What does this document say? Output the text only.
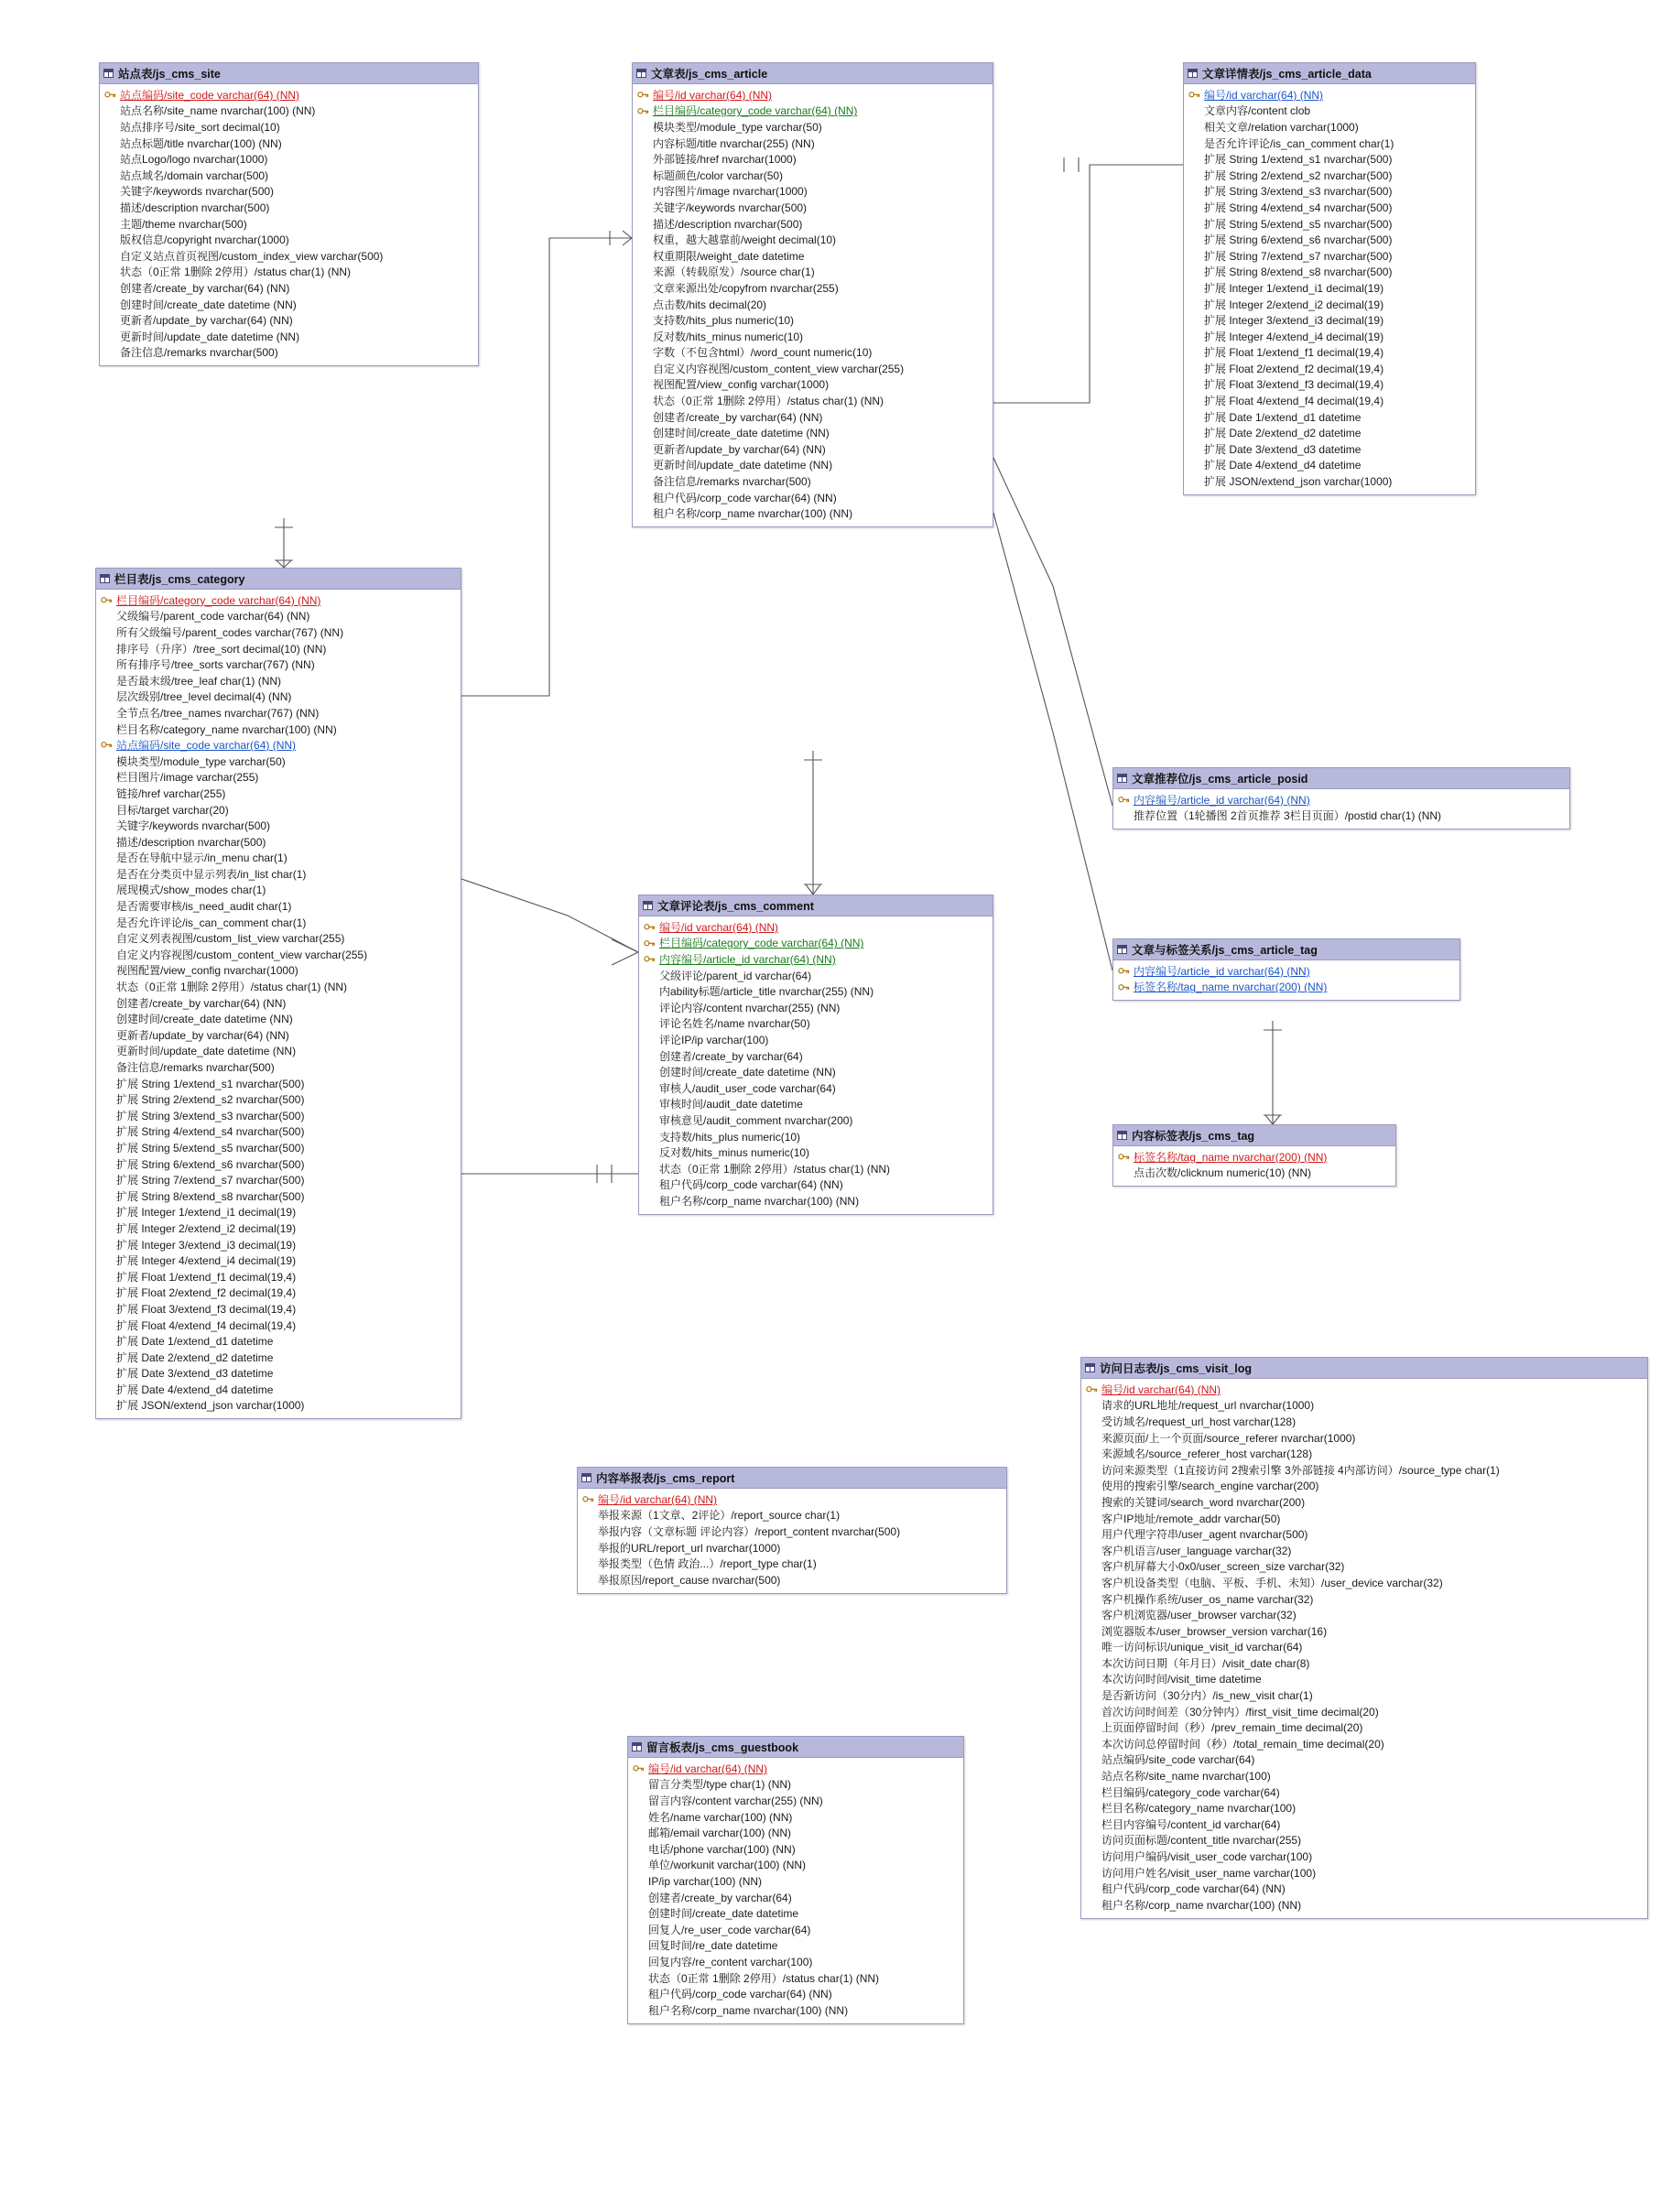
站点表/js_cms_site
站点编码/site_code varchar(64) (NN)
站点名称/site_name nvarchar(100) (NN)
站点排序号/site_sort decimal(10)
站点标题/title nvarchar(100) (NN)
站点Logo/logo nvarchar(1000)
站点域名/domain varchar(500)
关键字/keywords nvarchar(500)
描述/description nvarchar(500)
主题/theme nvarchar(500)
版权信息/copyright nvarchar(1000)
自定义站点首页视图/custom_index_view varchar(500)
状态（0正常 1删除 2停用）/status char(1) (NN)
创建者/create_by varchar(64) (NN)
创建时间/create_date datetime (NN)
更新者/update_by varchar(64) (NN)
更新时间/update_date datetime (NN)
备注信息/remarks nvarchar(500)
栏目表/js_cms_category
栏目编码/category_code varchar(64) (NN)
父级编号/parent_code varchar(64) (NN)
所有父级编号/parent_codes varchar(767) (NN)
排序号（升序）/tree_sort decimal(10) (NN)
所有排序号/tree_sorts varchar(767) (NN)
是否最末级/tree_leaf char(1) (NN)
层次级别/tree_level decimal(4) (NN)
全节点名/tree_names nvarchar(767) (NN)
栏目名称/category_name nvarchar(100) (NN)
站点编码/site_code varchar(64) (NN)
模块类型/module_type varchar(50)
栏目图片/image varchar(255)
链接/href varchar(255)
目标/target varchar(20)
关键字/keywords nvarchar(500)
描述/description nvarchar(500)
是否在导航中显示/in_menu char(1)
是否在分类页中显示列表/in_list char(1)
展现模式/show_modes char(1)
是否需要审核/is_need_audit char(1)
是否允许评论/is_can_comment char(1)
自定义列表视图/custom_list_view varchar(255)
自定义内容视图/custom_content_view varchar(255)
视图配置/view_config nvarchar(1000)
状态（0正常 1删除 2停用）/status char(1) (NN)
创建者/create_by varchar(64) (NN)
创建时间/create_date datetime (NN)
更新者/update_by varchar(64) (NN)
更新时间/update_date datetime (NN)
备注信息/remarks nvarchar(500)
扩展 String 1/extend_s1 nvarchar(500)
扩展 String 2/extend_s2 nvarchar(500)
扩展 String 3/extend_s3 nvarchar(500)
扩展 String 4/extend_s4 nvarchar(500)
扩展 String 5/extend_s5 nvarchar(500)
扩展 String 6/extend_s6 nvarchar(500)
扩展 String 7/extend_s7 nvarchar(500)
扩展 String 8/extend_s8 nvarchar(500)
扩展 Integer 1/extend_i1 decimal(19)
扩展 Integer 2/extend_i2 decimal(19)
扩展 Integer 3/extend_i3 decimal(19)
扩展 Integer 4/extend_i4 decimal(19)
扩展 Float 1/extend_f1 decimal(19,4)
扩展 Float 2/extend_f2 decimal(19,4)
扩展 Float 3/extend_f3 decimal(19,4)
扩展 Float 4/extend_f4 decimal(19,4)
扩展 Date 1/extend_d1 datetime
扩展 Date 2/extend_d2 datetime
扩展 Date 3/extend_d3 datetime
扩展 Date 4/extend_d4 datetime
扩展 JSON/extend_json varchar(1000)
文章表/js_cms_article
编号/id varchar(64) (NN)
栏目编码/category_code varchar(64) (NN)
模块类型/module_type varchar(50)
内容标题/title nvarchar(255) (NN)
外部链接/href nvarchar(1000)
标题颜色/color varchar(50)
内容图片/image nvarchar(1000)
关键字/keywords nvarchar(500)
描述/description nvarchar(500)
权重，越大越靠前/weight decimal(10)
权重期限/weight_date datetime
来源（转载原发）/source char(1)
文章来源出处/copyfrom nvarchar(255)
点击数/hits decimal(20)
支持数/hits_plus numeric(10)
反对数/hits_minus numeric(10)
字数（不包含html）/word_count numeric(10)
自定义内容视图/custom_content_view varchar(255)
视图配置/view_config varchar(1000)
状态（0正常 1删除 2停用）/status char(1) (NN)
创建者/create_by varchar(64) (NN)
创建时间/create_date datetime (NN)
更新者/update_by varchar(64) (NN)
更新时间/update_date datetime (NN)
备注信息/remarks nvarchar(500)
租户代码/corp_code varchar(64) (NN)
租户名称/corp_name nvarchar(100) (NN)
文章详情表/js_cms_article_data
编号/id varchar(64) (NN)
文章内容/content clob
相关文章/relation varchar(1000)
是否允许评论/is_can_comment char(1)
扩展 String 1/extend_s1 nvarchar(500)
扩展 String 2/extend_s2 nvarchar(500)
扩展 String 3/extend_s3 nvarchar(500)
扩展 String 4/extend_s4 nvarchar(500)
扩展 String 5/extend_s5 nvarchar(500)
扩展 String 6/extend_s6 nvarchar(500)
扩展 String 7/extend_s7 nvarchar(500)
扩展 String 8/extend_s8 nvarchar(500)
扩展 Integer 1/extend_i1 decimal(19)
扩展 Integer 2/extend_i2 decimal(19)
扩展 Integer 3/extend_i3 decimal(19)
扩展 Integer 4/extend_i4 decimal(19)
扩展 Float 1/extend_f1 decimal(19,4)
扩展 Float 2/extend_f2 decimal(19,4)
扩展 Float 3/extend_f3 decimal(19,4)
扩展 Float 4/extend_f4 decimal(19,4)
扩展 Date 1/extend_d1 datetime
扩展 Date 2/extend_d2 datetime
扩展 Date 3/extend_d3 datetime
扩展 Date 4/extend_d4 datetime
扩展 JSON/extend_json varchar(1000)
文章推荐位/js_cms_article_posid
内容编号/article_id varchar(64) (NN)
推荐位置（1轮播图 2首页推荐 3栏目页面）/postid char(1) (NN)
文章与标签关系/js_cms_article_tag
内容编号/article_id varchar(64) (NN)
标签名称/tag_name nvarchar(200) (NN)
内容标签表/js_cms_tag
标签名称/tag_name nvarchar(200) (NN)
点击次数/clicknum numeric(10) (NN)
文章评论表/js_cms_comment
编号/id varchar(64) (NN)
栏目编码/category_code varchar(64) (NN)
内容编号/article_id varchar(64) (NN)
父级评论/parent_id varchar(64)
内ability标题/article_title nvarchar(255) (NN)
评论内容/content nvarchar(255) (NN)
评论名姓名/name nvarchar(50)
评论IP/ip varchar(100)
创建者/create_by varchar(64)
创建时间/create_date datetime (NN)
审核人/audit_user_code varchar(64)
审核时间/audit_date datetime
审核意见/audit_comment nvarchar(200)
支持数/hits_plus numeric(10)
反对数/hits_minus numeric(10)
状态（0正常 1删除 2停用）/status char(1) (NN)
租户代码/corp_code varchar(64) (NN)
租户名称/corp_name nvarchar(100) (NN)
内容举报表/js_cms_report
编号/id varchar(64) (NN)
举报来源（1文章、2评论）/report_source char(1)
举报内容（文章标题 评论内容）/report_content nvarchar(500)
举报的URL/report_url nvarchar(1000)
举报类型（色情 政治...）/report_type char(1)
举报原因/report_cause nvarchar(500)
留言板表/js_cms_guestbook
编号/id varchar(64) (NN)
留言分类型/type char(1) (NN)
留言内容/content varchar(255) (NN)
姓名/name varchar(100) (NN)
邮箱/email varchar(100) (NN)
电话/phone varchar(100) (NN)
单位/workunit varchar(100) (NN)
IP/ip varchar(100) (NN)
创建者/create_by varchar(64)
创建时间/create_date datetime
回复人/re_user_code varchar(64)
回复时间/re_date datetime
回复内容/re_content varchar(100)
状态（0正常 1删除 2停用）/status char(1) (NN)
租户代码/corp_code varchar(64) (NN)
租户名称/corp_name nvarchar(100) (NN)
访问日志表/js_cms_visit_log
编号/id varchar(64) (NN)
请求的URL地址/request_url nvarchar(1000)
受访域名/request_url_host varchar(128)
来源页面/上一个页面/source_referer nvarchar(1000)
来源域名/source_referer_host varchar(128)
访问来源类型（1直接访问 2搜索引擎 3外部链接 4内部访问）/source_type char(1)
使用的搜索引擎/search_engine varchar(200)
搜索的关键词/search_word nvarchar(200)
客户IP地址/remote_addr varchar(50)
用户代理字符串/user_agent nvarchar(500)
客户机语言/user_language varchar(32)
客户机屏幕大小0x0/user_screen_size varchar(32)
客户机设备类型（电脑、平板、手机、未知）/user_device varchar(32)
客户机操作系统/user_os_name varchar(32)
客户机浏览器/user_browser varchar(32)
浏览器版本/user_browser_version varchar(16)
唯一访问标识/unique_visit_id varchar(64)
本次访问日期（年月日）/visit_date char(8)
本次访问时间/visit_time datetime
是否新访问（30分内）/is_new_visit char(1)
首次访问时间差（30分钟内）/first_visit_time decimal(20)
上页面停留时间（秒）/prev_remain_time decimal(20)
本次访问总停留时间（秒）/total_remain_time decimal(20)
站点编码/site_code varchar(64)
站点名称/site_name nvarchar(100)
栏目编码/category_code varchar(64)
栏目名称/category_name nvarchar(100)
栏目内容编号/content_id varchar(64)
访问页面标题/content_title nvarchar(255)
访问用户编码/visit_user_code varchar(100)
访问用户姓名/visit_user_name varchar(100)
租户代码/corp_code varchar(64) (NN)
租户名称/corp_name nvarchar(100) (NN)
